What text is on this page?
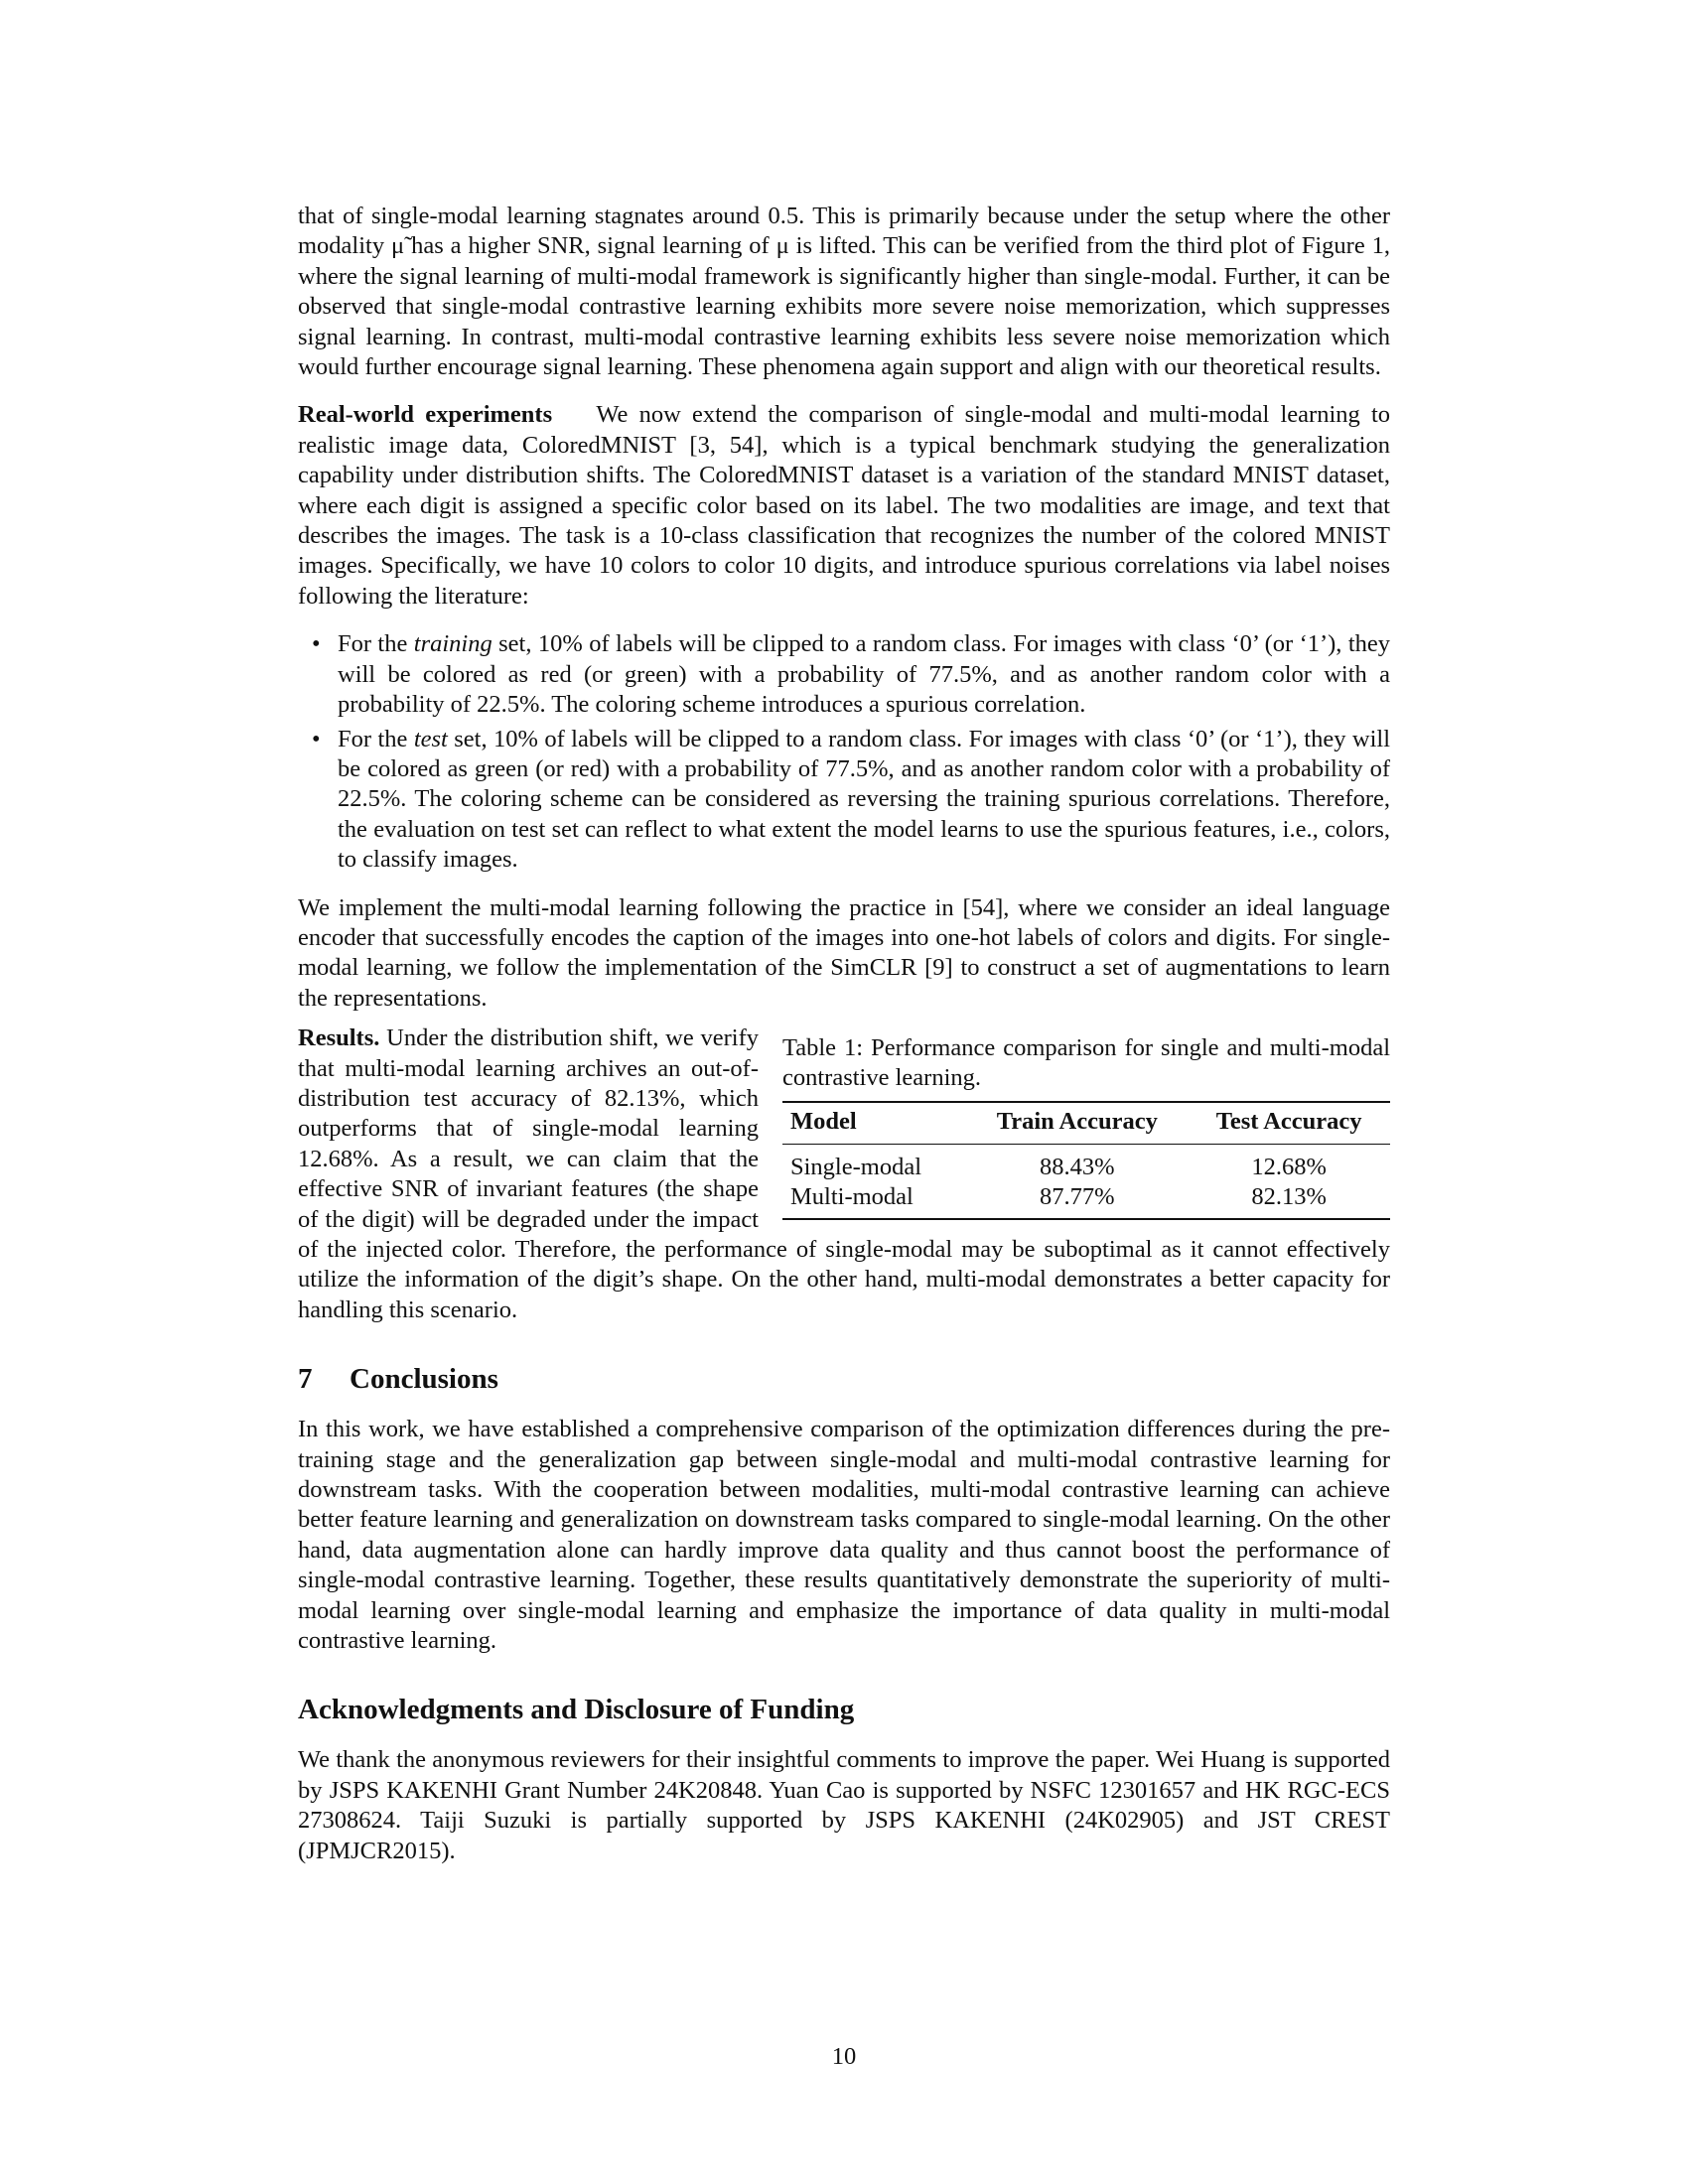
that of single-modal learning stagnates around 0.5. This is primarily because under the setup where the other modality μ̃ has a higher SNR, signal learning of μ is lifted. This can be verified from the third plot of Figure 1, where the signal learning of multi-modal framework is significantly higher than single-modal. Further, it can be observed that single-modal contrastive learning exhibits more severe noise memorization, which suppresses signal learning. In contrast, multi-modal contrastive learning exhibits less severe noise memorization which would further encourage signal learning. These phenomena again support and align with our theoretical results.

Real-world experiments We now extend the comparison of single-modal and multi-modal learning to realistic image data, ColoredMNIST [3, 54], which is a typical benchmark studying the generalization capability under distribution shifts. The ColoredMNIST dataset is a variation of the standard MNIST dataset, where each digit is assigned a specific color based on its label. The two modalities are image, and text that describes the images. The task is a 10-class classification that recognizes the number of the colored MNIST images. Specifically, we have 10 colors to color 10 digits, and introduce spurious correlations via label noises following the literature:

• For the training set, 10% of labels will be clipped to a random class. For images with class ‘0’ (or ‘1’), they will be colored as red (or green) with a probability of 77.5%, and as another random color with a probability of 22.5%. The coloring scheme introduces a spurious correlation.
• For the test set, 10% of labels will be clipped to a random class. For images with class ‘0’ (or ‘1’), they will be colored as green (or red) with a probability of 77.5%, and as another random color with a probability of 22.5%. The coloring scheme can be considered as reversing the training spurious correlations. Therefore, the evaluation on test set can reflect to what extent the model learns to use the spurious features, i.e., colors, to classify images.

We implement the multi-modal learning following the practice in [54], where we consider an ideal language encoder that successfully encodes the caption of the images into one-hot labels of colors and digits. For single-modal learning, we follow the implementation of the SimCLR [9] to construct a set of augmentations to learn the representations.

Table 1: Performance comparison for single and multi-modal contrastive learning.

Model	Train Accuracy	Test Accuracy
Single-modal	88.43%	12.68%
Multi-modal	87.77%	82.13%

Results. Under the distribution shift, we verify that multi-modal learning archives an out-of-distribution test accuracy of 82.13%, which outperforms that of single-modal learning 12.68%. As a result, we can claim that the effective SNR of invariant features (the shape of the digit) will be degraded under the impact of the injected color. Therefore, the performance of single-modal may be suboptimal as it cannot effectively utilize the information of the digit’s shape. On the other hand, multi-modal demonstrates a better capacity for handling this scenario.

7 Conclusions

In this work, we have established a comprehensive comparison of the optimization differences during the pre-training stage and the generalization gap between single-modal and multi-modal contrastive learning for downstream tasks. With the cooperation between modalities, multi-modal contrastive learning can achieve better feature learning and generalization on downstream tasks compared to single-modal learning. On the other hand, data augmentation alone can hardly improve data quality and thus cannot boost the performance of single-modal contrastive learning. Together, these results quantitatively demonstrate the superiority of multi-modal learning over single-modal learning and emphasize the importance of data quality in multi-modal contrastive learning.

Acknowledgments and Disclosure of Funding

We thank the anonymous reviewers for their insightful comments to improve the paper. Wei Huang is supported by JSPS KAKENHI Grant Number 24K20848. Yuan Cao is supported by NSFC 12301657 and HK RGC-ECS 27308624. Taiji Suzuki is partially supported by JSPS KAKENHI (24K02905) and JST CREST (JPMJCR2015).

10
